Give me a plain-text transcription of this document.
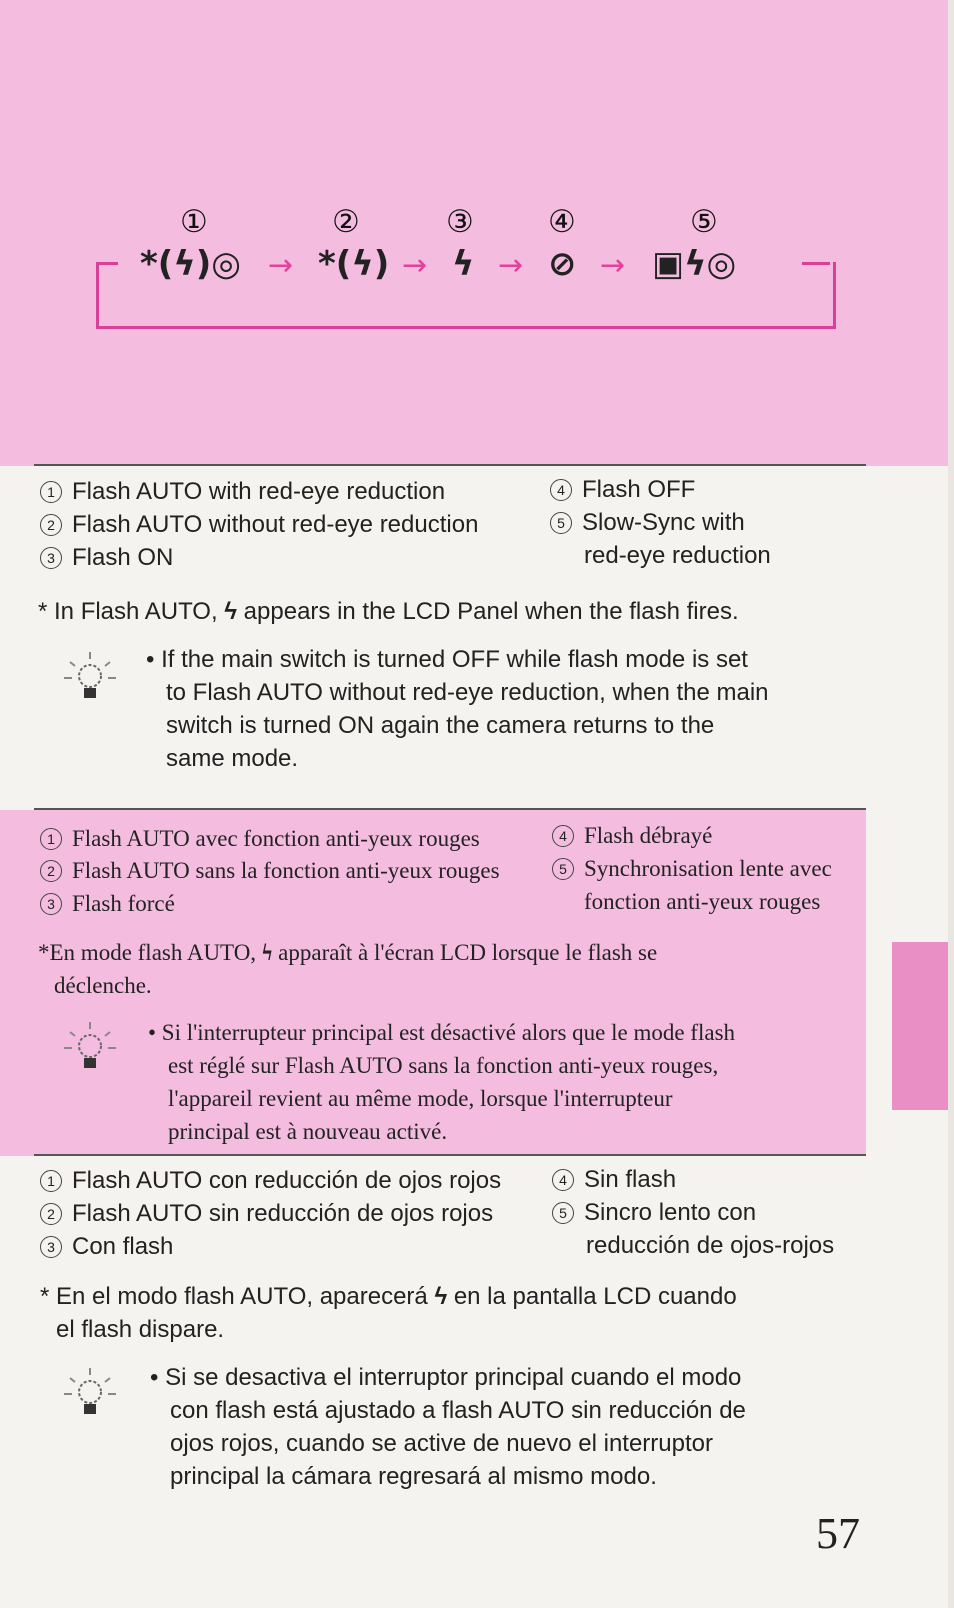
①	②	③ ④	⑤
*(ϟ)◎ → *(ϟ) → ϟ → ⊘ → ▣ϟ◎
1 Flash AUTO with red-eye reduction
2 Flash AUTO without red-eye reduction
3 Flash ON
4 Flash OFF
5 Slow-Sync with
red-eye reduction
* In Flash AUTO, ϟ appears in the LCD Panel when the flash fires.
• If the main switch is turned OFF while flash mode is set
to Flash AUTO without red-eye reduction, when the main
switch is turned ON again the camera returns to the
same mode.
1 Flash AUTO avec fonction anti-yeux rouges
2 Flash AUTO sans la fonction anti-yeux rouges
3 Flash forcé
4 Flash débrayé
5 Synchronisation lente avec
fonction anti-yeux rouges
*En mode flash AUTO, ϟ apparaît à l'écran LCD lorsque le flash se
déclenche.
• Si l'interrupteur principal est désactivé alors que le mode flash
est réglé sur Flash AUTO sans la fonction anti-yeux rouges,
l'appareil revient au même mode, lorsque l'interrupteur
principal est à nouveau activé.
1 Flash AUTO con reducción de ojos rojos
2 Flash AUTO sin reducción de ojos rojos
3 Con flash
4 Sin flash
5 Sincro lento con
reducción de ojos-rojos
* En el modo flash AUTO, aparecerá ϟ en la pantalla LCD cuando
el flash dispare.
• Si se desactiva el interruptor principal cuando el modo
con flash está ajustado a flash AUTO sin reducción de
ojos rojos, cuando se active de nuevo el interruptor
principal la cámara regresará al mismo modo.
57
